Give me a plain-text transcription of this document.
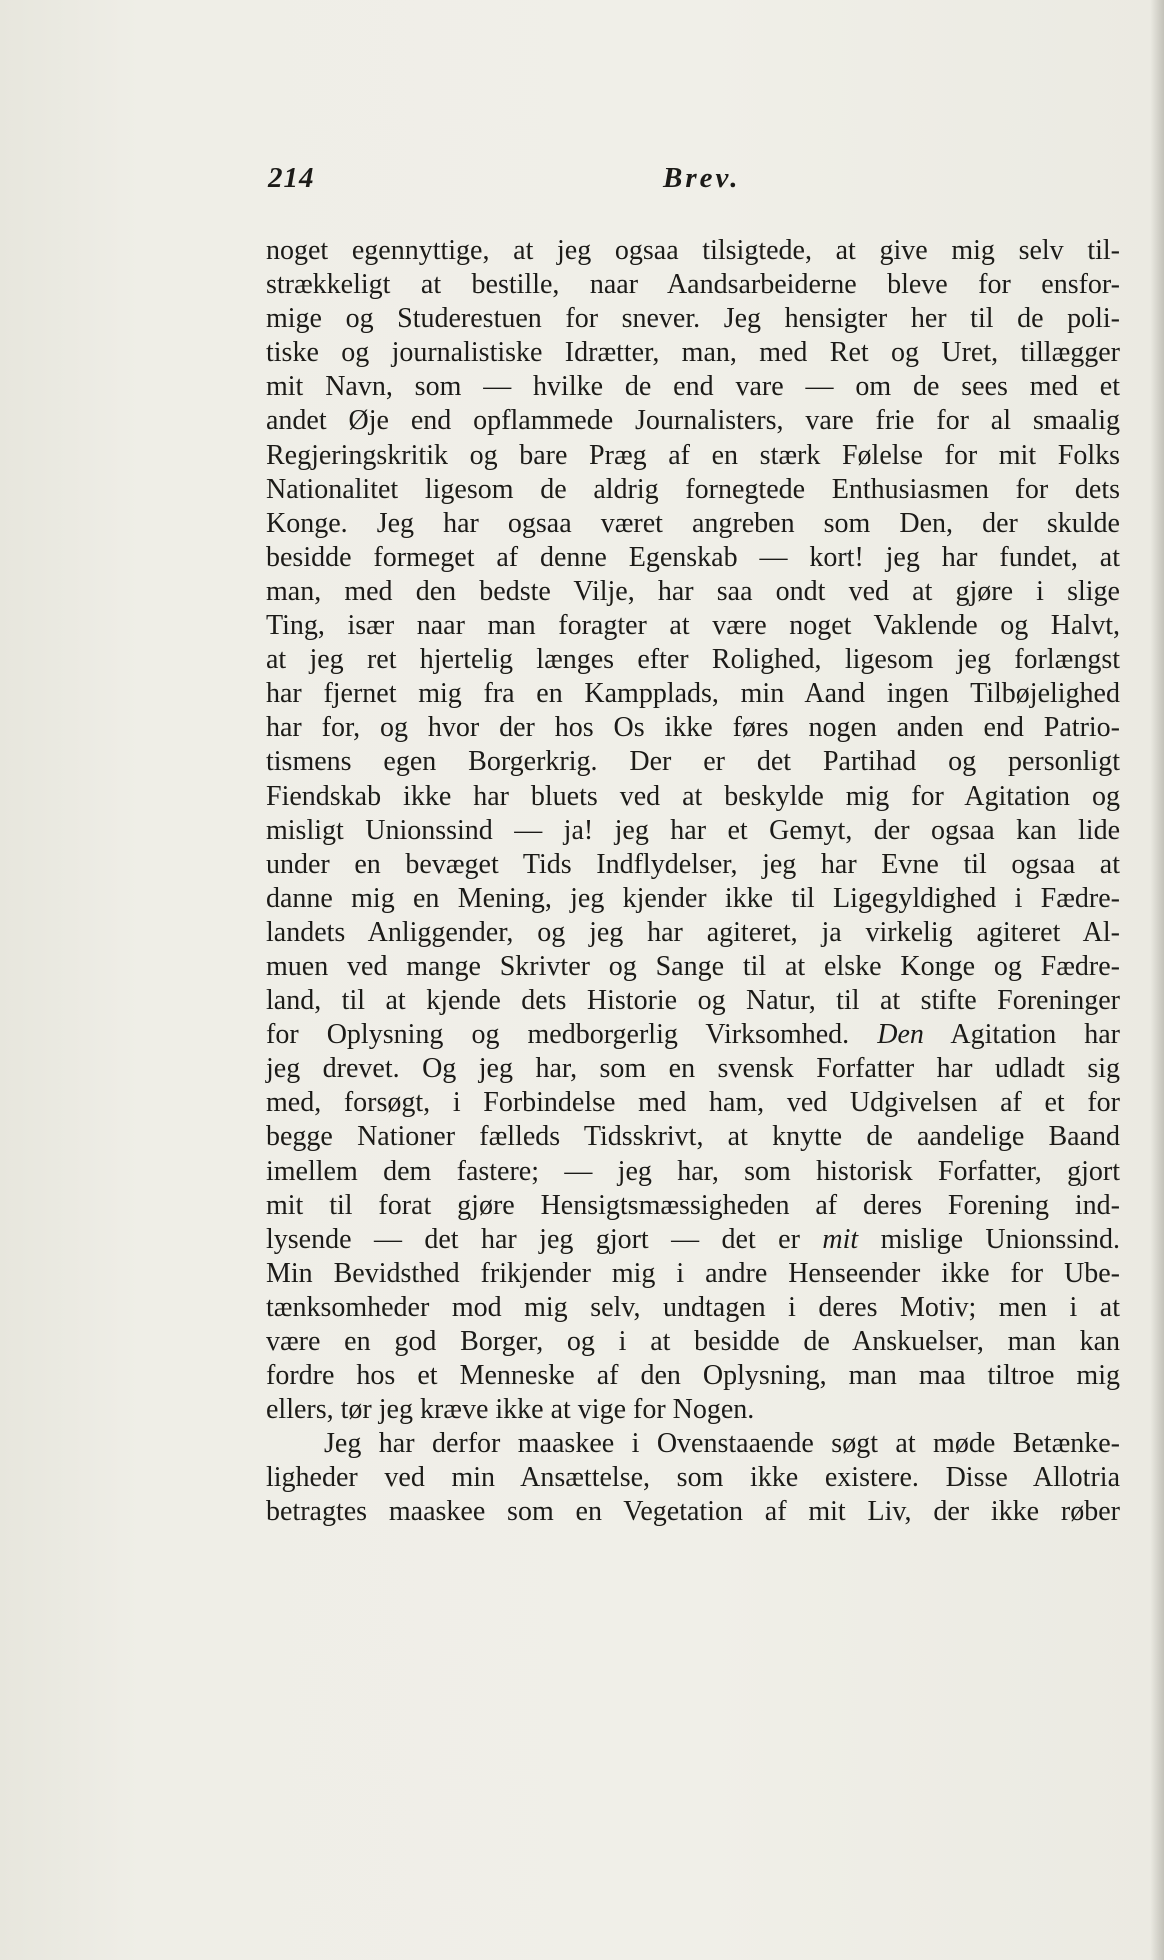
214	Brev.
noget egennyttige, at jeg ogsaa tilsigtede, at give mig selv til-
strækkeligt at bestille, naar Aandsarbeiderne bleve for ensfor-
mige og Studerestuen for snever. Jeg hensigter her til de poli-
tiske og journalistiske Idrætter, man, med Ret og Uret, tillægger
mit Navn, som — hvilke de end vare — om de sees med et
andet Øje end opflammede Journalisters, vare frie for al smaalig
Regjeringskritik og bare Præg af en stærk Følelse for mit Folks
Nationalitet ligesom de aldrig fornegtede Enthusiasmen for dets
Konge. Jeg har ogsaa været angreben som Den, der skulde
besidde formeget af denne Egenskab — kort! jeg har fundet, at
man, med den bedste Vilje, har saa ondt ved at gjøre i slige
Ting, især naar man foragter at være noget Vaklende og Halvt,
at jeg ret hjertelig længes efter Rolighed, ligesom jeg forlængst
har fjernet mig fra en Kampplads, min Aand ingen Tilbøjelighed
har for, og hvor der hos Os ikke føres nogen anden end Patrio-
tismens egen Borgerkrig. Der er det Partihad og personligt
Fiendskab ikke har bluets ved at beskylde mig for Agitation og
misligt Unionssind — ja! jeg har et Gemyt, der ogsaa kan lide
under en bevæget Tids Indflydelser, jeg har Evne til ogsaa at
danne mig en Mening, jeg kjender ikke til Ligegyldighed i Fædre-
landets Anliggender, og jeg har agiteret, ja virkelig agiteret Al-
muen ved mange Skrivter og Sange til at elske Konge og Fædre-
land, til at kjende dets Historie og Natur, til at stifte Foreninger
for Oplysning og medborgerlig Virksomhed. Den Agitation har
jeg drevet. Og jeg har, som en svensk Forfatter har udladt sig
med, forsøgt, i Forbindelse med ham, ved Udgivelsen af et for
begge Nationer fælleds Tidsskrivt, at knytte de aandelige Baand
imellem dem fastere; — jeg har, som historisk Forfatter, gjort
mit til forat gjøre Hensigtsmæssigheden af deres Forening ind-
lysende — det har jeg gjort — det er mit mislige Unionssind.
Min Bevidsthed frikjender mig i andre Henseender ikke for Ube-
tænksomheder mod mig selv, undtagen i deres Motiv; men i at
være en god Borger, og i at besidde de Anskuelser, man kan
fordre hos et Menneske af den Oplysning, man maa tiltroe mig
ellers, tør jeg kræve ikke at vige for Nogen.
Jeg har derfor maaskee i Ovenstaaende søgt at møde Betænke-
ligheder ved min Ansættelse, som ikke existere. Disse Allotria
betragtes maaskee som en Vegetation af mit Liv, der ikke røber
